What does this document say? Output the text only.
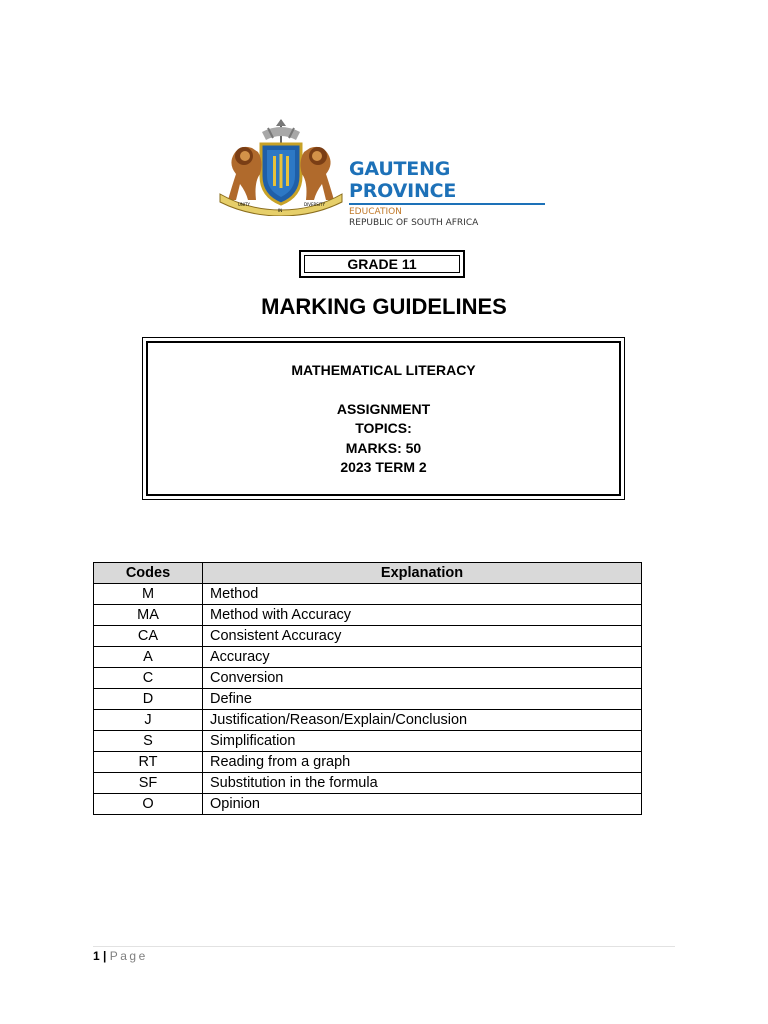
UNITY
IN
DIVERSITY
GAUTENG PROVINCE
EDUCATION
REPUBLIC OF SOUTH AFRICA
GRADE 11
MARKING GUIDELINES
MATHEMATICAL LITERACY
ASSIGNMENT
TOPICS:
MARKS: 50
2023 TERM 2
Codes	Explanation
M	Method
MA	Method with Accuracy
CA	Consistent Accuracy
A	Accuracy
C	Conversion
D	Define
J	Justification/Reason/Explain/Conclusion
S	Simplification
RT	Reading from a graph
SF	Substitution in the formula
O	Opinion
1 | Page
